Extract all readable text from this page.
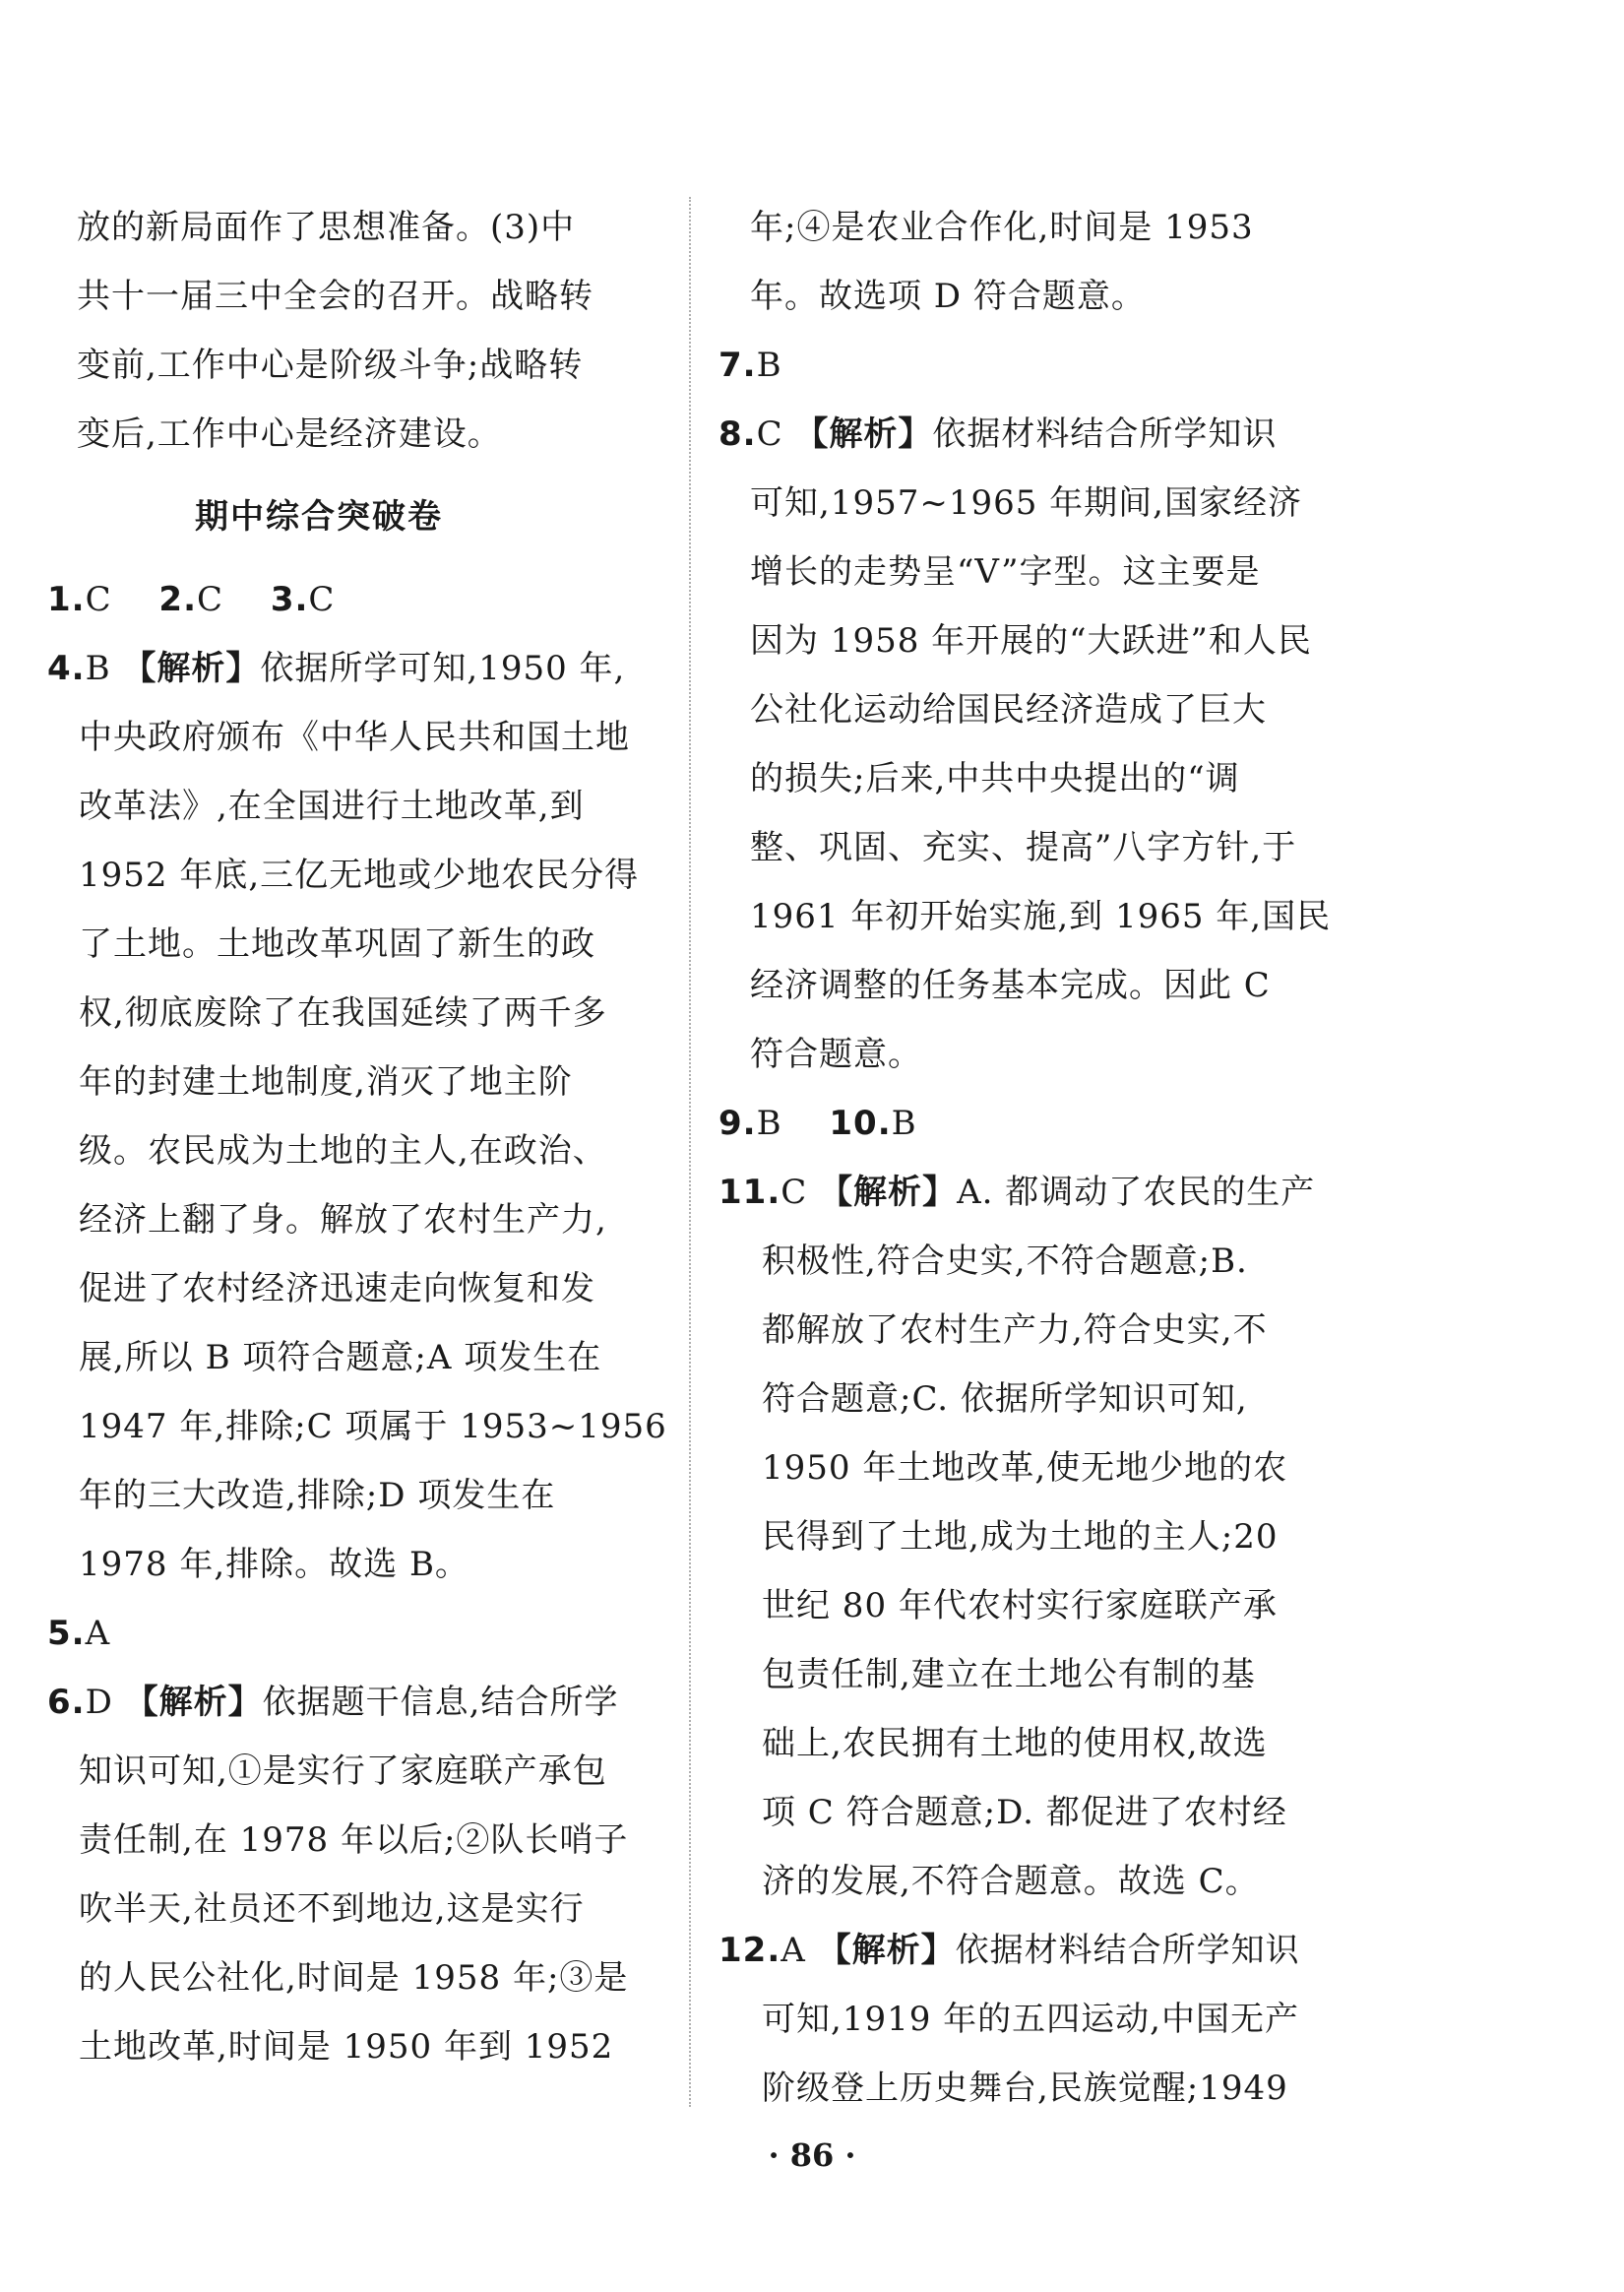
放的新局面作了思想准备。(3)中
共十一届三中全会的召开。战略转
变前,工作中心是阶级斗争;战略转
变后,工作中心是经济建设。
期中综合突破卷
1.C 2.C 3.C
4.B 【解析】依据所学可知,1950 年,
中央政府颁布《中华人民共和国土地
改革法》,在全国进行土地改革,到
1952 年底,三亿无地或少地农民分得
了土地。土地改革巩固了新生的政
权,彻底废除了在我国延续了两千多
年的封建土地制度,消灭了地主阶
级。农民成为土地的主人,在政治、
经济上翻了身。解放了农村生产力,
促进了农村经济迅速走向恢复和发
展,所以 B 项符合题意;A 项发生在
1947 年,排除;C 项属于 1953~1956
年的三大改造,排除;D 项发生在
1978 年,排除。故选 B。
5.A
6.D 【解析】依据题干信息,结合所学
知识可知,①是实行了家庭联产承包
责任制,在 1978 年以后;②队长哨子
吹半天,社员还不到地边,这是实行
的人民公社化,时间是 1958 年;③是
土地改革,时间是 1950 年到 1952
年;④是农业合作化,时间是 1953
年。故选项 D 符合题意。
7.B
8.C 【解析】依据材料结合所学知识
可知,1957~1965 年期间,国家经济
增长的走势呈“V”字型。这主要是
因为 1958 年开展的“大跃进”和人民
公社化运动给国民经济造成了巨大
的损失;后来,中共中央提出的“调
整、巩固、充实、提高”八字方针,于
1961 年初开始实施,到 1965 年,国民
经济调整的任务基本完成。因此 C
符合题意。
9.B 10.B
11.C 【解析】A. 都调动了农民的生产
积极性,符合史实,不符合题意;B.
都解放了农村生产力,符合史实,不
符合题意;C. 依据所学知识可知,
1950 年土地改革,使无地少地的农
民得到了土地,成为土地的主人;20
世纪 80 年代农村实行家庭联产承
包责任制,建立在土地公有制的基
础上,农民拥有土地的使用权,故选
项 C 符合题意;D. 都促进了农村经
济的发展,不符合题意。故选 C。
12.A 【解析】依据材料结合所学知识
可知,1919 年的五四运动,中国无产
阶级登上历史舞台,民族觉醒;1949
· 86 ·
